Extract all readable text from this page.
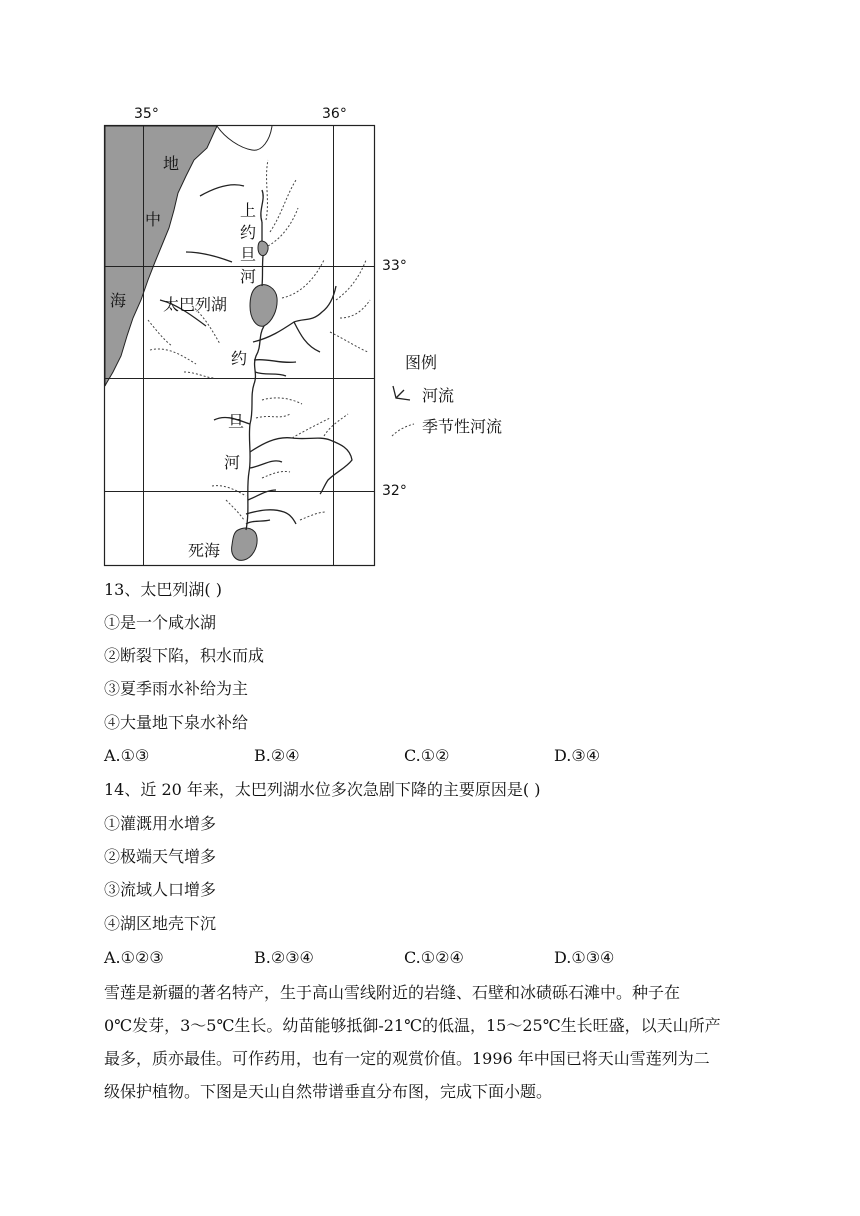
35°	36°
33°
32°
地
中
海 太巴列湖
上
约
旦
河
约
旦
河
死海
图例
河流
季节性河流
13、太巴列湖( )
①是一个咸水湖
②断裂下陷，积水而成
③夏季雨水补给为主
④大量地下泉水补给
A.①③	B.②④	C.①②	D.③④
14、近 20 年来，太巴列湖水位多次急剧下降的主要原因是( )
①灌溉用水增多
②极端天气增多
③流域人口增多
④湖区地壳下沉
A.①②③	B.②③④	C.①②④	D.①③④
雪莲是新疆的著名特产，生于高山雪线附近的岩缝、石壁和冰碛砾石滩中。种子在
0℃发芽，3～5℃生长。幼苗能够抵御-21℃的低温，15～25℃生长旺盛，以天山所产
最多，质亦最佳。可作药用，也有一定的观赏价值。1996 年中国已将天山雪莲列为二
级保护植物。下图是天山自然带谱垂直分布图，完成下面小题。
